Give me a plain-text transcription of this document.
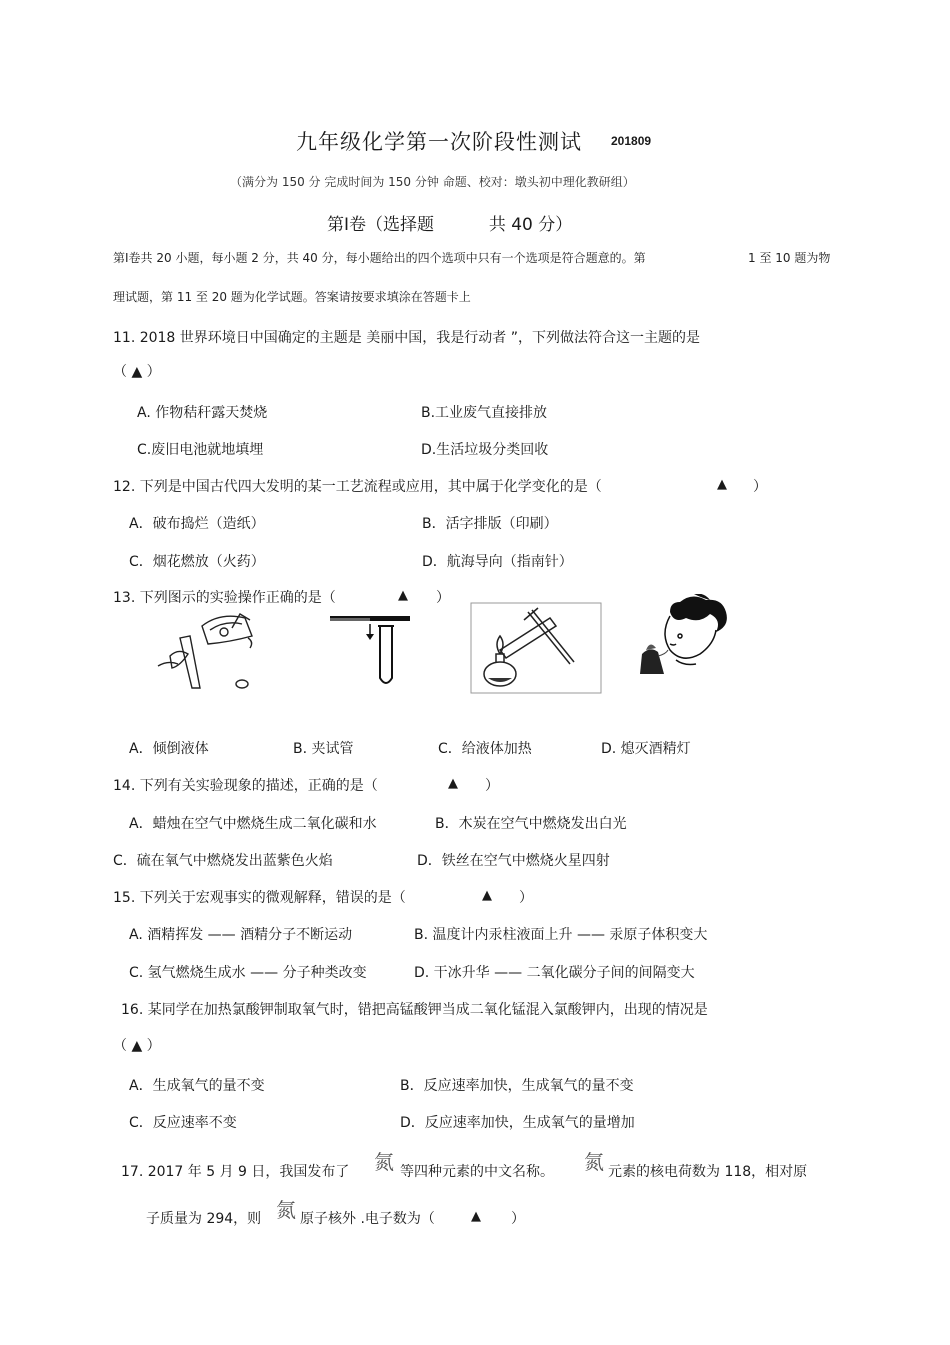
九年级化学第一次阶段性测试 201809
（满分为 150 分 完成时间为 150 分钟 命题、校对：墩头初中理化教研组）
第Ⅰ卷（选择题	共 40 分）
第Ⅰ卷共 20 小题，每小题 2 分，共 40 分，每小题给出的四个选项中只有一个选项是符合题意的。第	1 至 10 题为物
理试题，第 11 至 20 题为化学试题。答案请按要求填涂在答题卡上
11. 2018 世界环境日中国确定的主题是 美丽中国，我是行动者 ”，下列做法符合这一主题的是
（ ▲ ）
A. 作物秸秆露天焚烧	B.工业废气直接排放
C.废旧电池就地填埋	D.生活垃圾分类回收
12. 下列是中国古代四大发明的某一工艺流程或应用，其中属于化学变化的是（	▲ ）
A．破布捣烂（造纸）	B．活字排版（印刷）
C．烟花燃放（火药）	D．航海导向（指南针）
13. 下列图示的实验操作正确的是（	▲ ）
A．倾倒液体	B. 夹试管	C．给液体加热	D. 熄灭酒精灯
14. 下列有关实验现象的描述，正确的是（	▲ ）
A．蜡烛在空气中燃烧生成二氧化碳和水	B．木炭在空气中燃烧发出白光
C．硫在氧气中燃烧发出蓝紫色火焰	D．铁丝在空气中燃烧火星四射
15. 下列关于宏观事实的微观解释，错误的是（	▲ ）
A. 酒精挥发 —— 酒精分子不断运动	B. 温度计内汞柱液面上升 —— 汞原子体积变大
C. 氢气燃烧生成水 —— 分子种类改变	D. 干冰升华 —— 二氧化碳分子间的间隔变大
16. 某同学在加热氯酸钾制取氧气时，错把高锰酸钾当成二氧化锰混入氯酸钾内，出现的情况是
（ ▲ ）
A．生成氧气的量不变	B．反应速率加快，生成氧气的量不变
C．反应速率不变	D．反应速率加快，生成氧气的量增加
17. 2017 年 5 月 9 日，我国发布了 氮 等四种元素的中文名称。 氮 元素的核电荷数为 118，相对原
子质量为 294，则 氮 原子核外 .电子数为（	▲ ）
